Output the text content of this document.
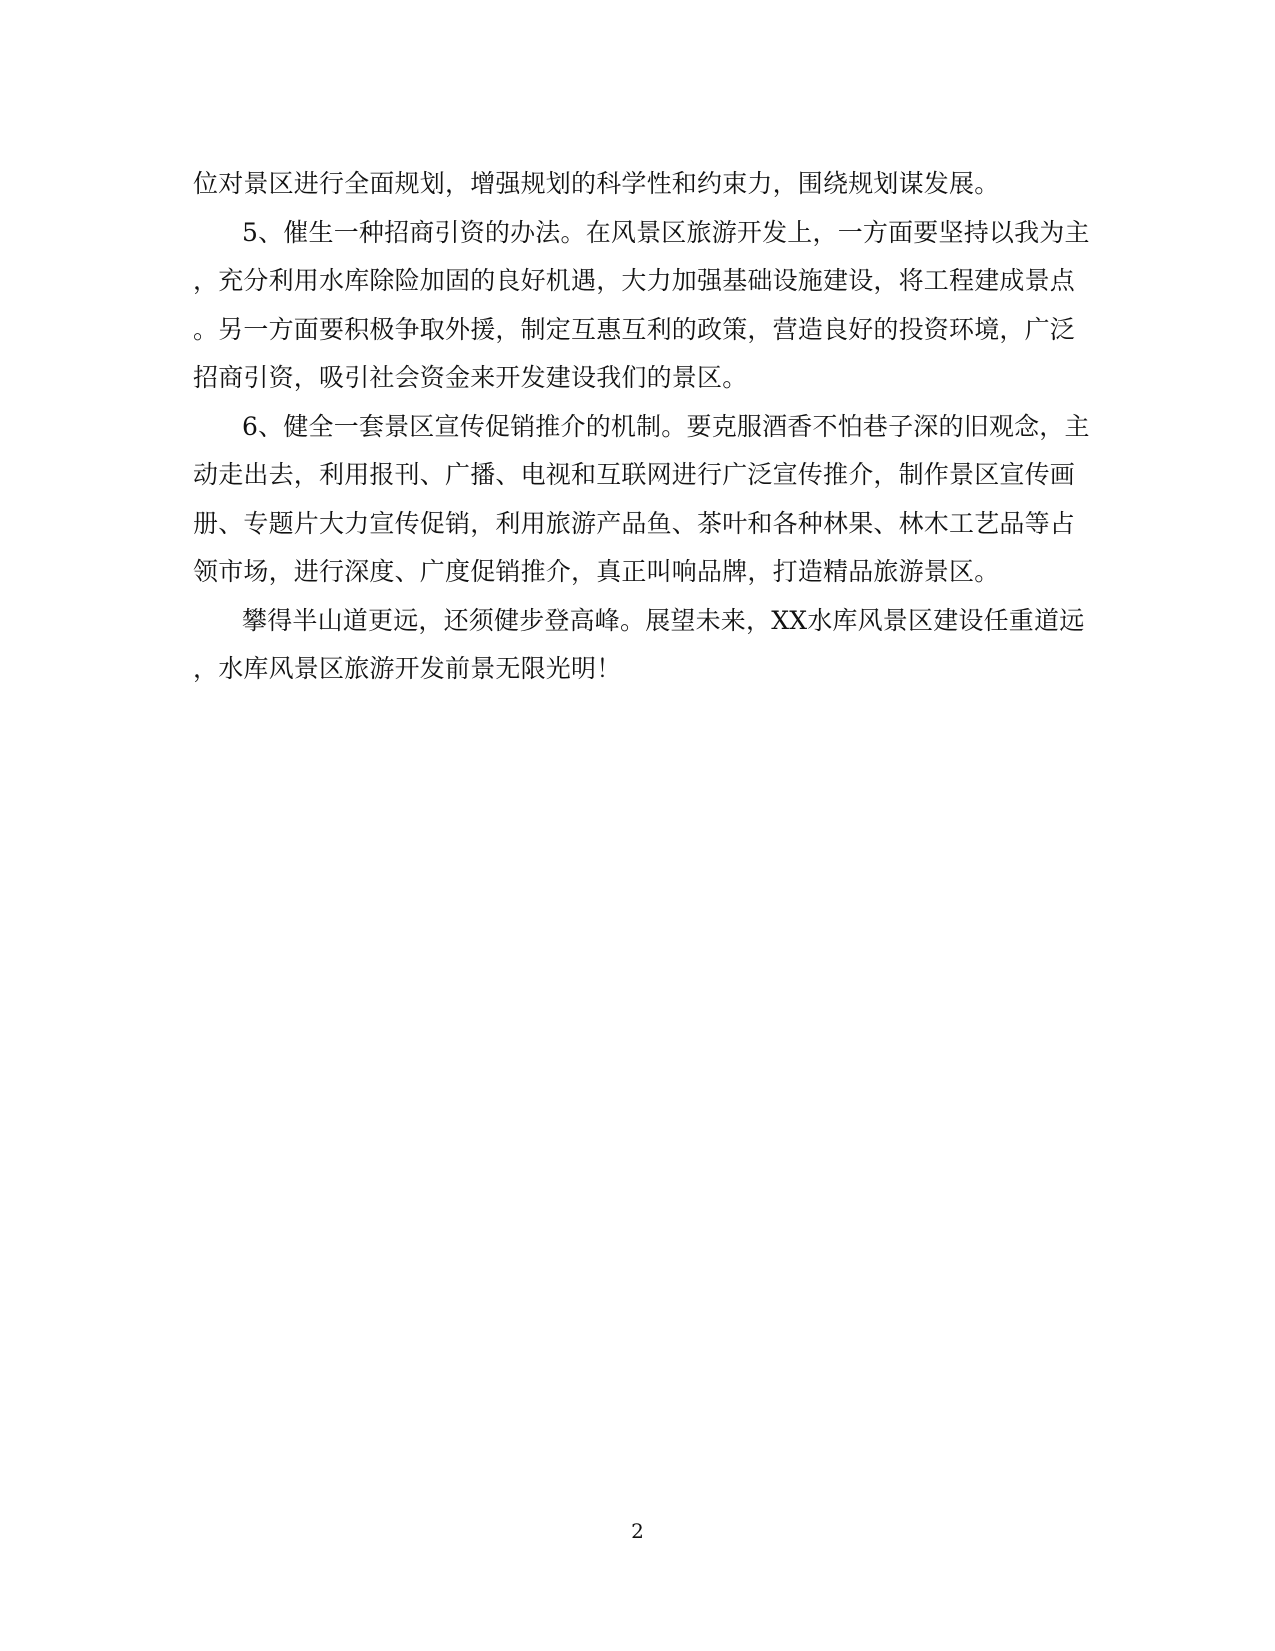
位对景区进行全面规划，增强规划的科学性和约束力，围绕规划谋发展。
5、催生一种招商引资的办法。在风景区旅游开发上，一方面要坚持以我为主
，充分利用水库除险加固的良好机遇，大力加强基础设施建设，将工程建成景点
。另一方面要积极争取外援，制定互惠互利的政策，营造良好的投资环境，广泛
招商引资，吸引社会资金来开发建设我们的景区。
6、健全一套景区宣传促销推介的机制。要克服酒香不怕巷子深的旧观念，主
动走出去，利用报刊、广播、电视和互联网进行广泛宣传推介，制作景区宣传画
册、专题片大力宣传促销，利用旅游产品鱼、茶叶和各种林果、林木工艺品等占
领市场，进行深度、广度促销推介，真正叫响品牌，打造精品旅游景区。
攀得半山道更远，还须健步登高峰。展望未来，XX水库风景区建设任重道远
，水库风景区旅游开发前景无限光明！
2
